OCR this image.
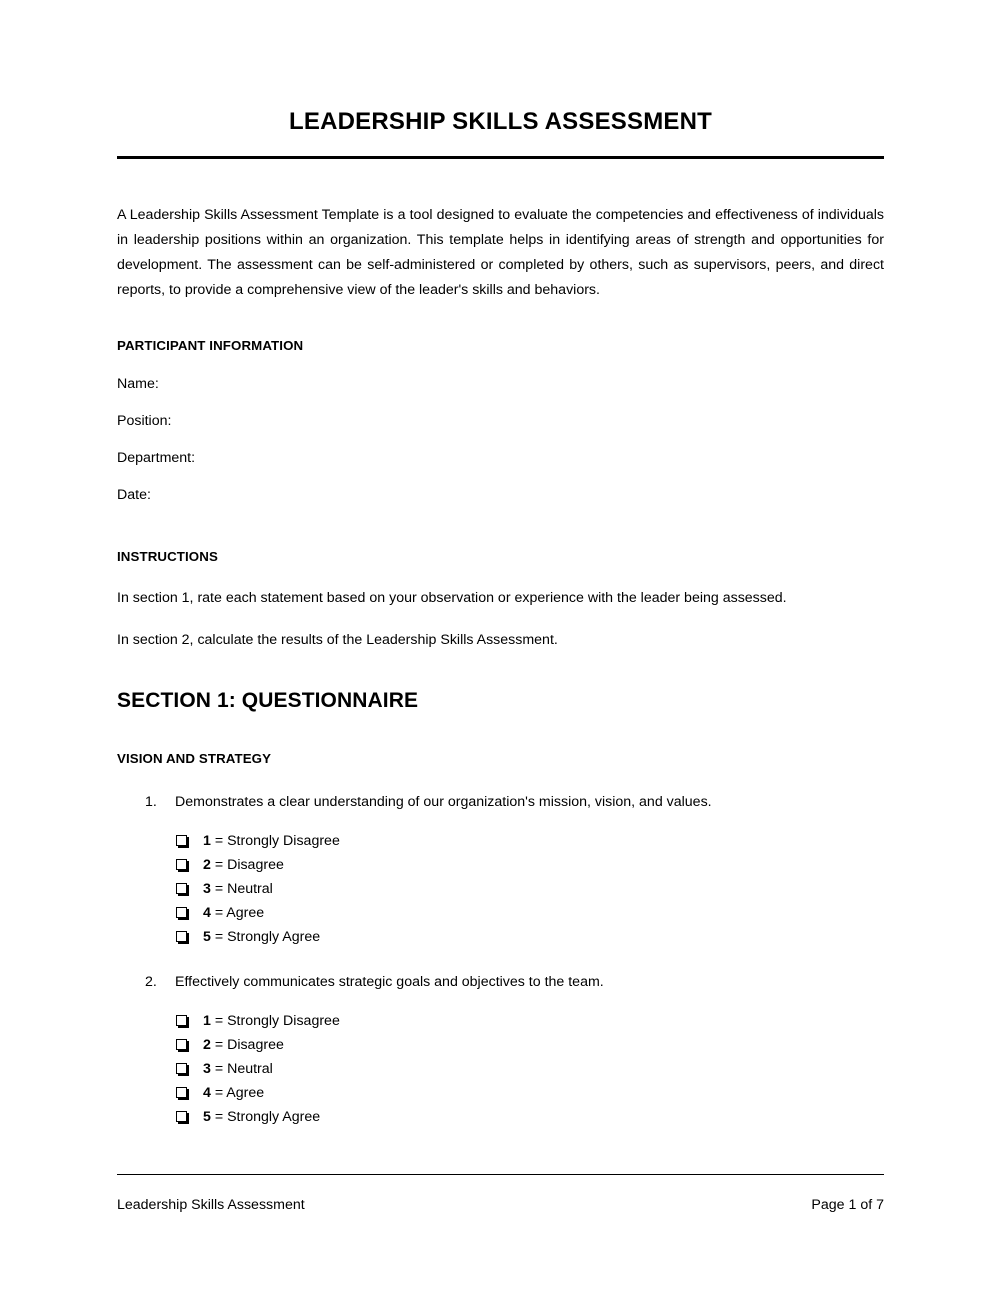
LEADERSHIP SKILLS ASSESSMENT

A Leadership Skills Assessment Template is a tool designed to evaluate the competencies and effectiveness of individuals in leadership positions within an organization. This template helps in identifying areas of strength and opportunities for development. The assessment can be self-administered or completed by others, such as supervisors, peers, and direct reports, to provide a comprehensive view of the leader's skills and behaviors.

PARTICIPANT INFORMATION

Name:

Position:

Department:

Date:

INSTRUCTIONS

In section 1, rate each statement based on your observation or experience with the leader being assessed.

In section 2, calculate the results of the Leadership Skills Assessment.

SECTION 1: QUESTIONNAIRE
VISION AND STRATEGY
1. Demonstrates a clear understanding of our organization's mission, vision, and values.
1 = Strongly Disagree
2 = Disagree
3 = Neutral
4 = Agree
5 = Strongly Agree
2. Effectively communicates strategic goals and objectives to the team.
1 = Strongly Disagree
2 = Disagree
3 = Neutral
4 = Agree
5 = Strongly Agree
Leadership Skills Assessment	Page 1 of 7
